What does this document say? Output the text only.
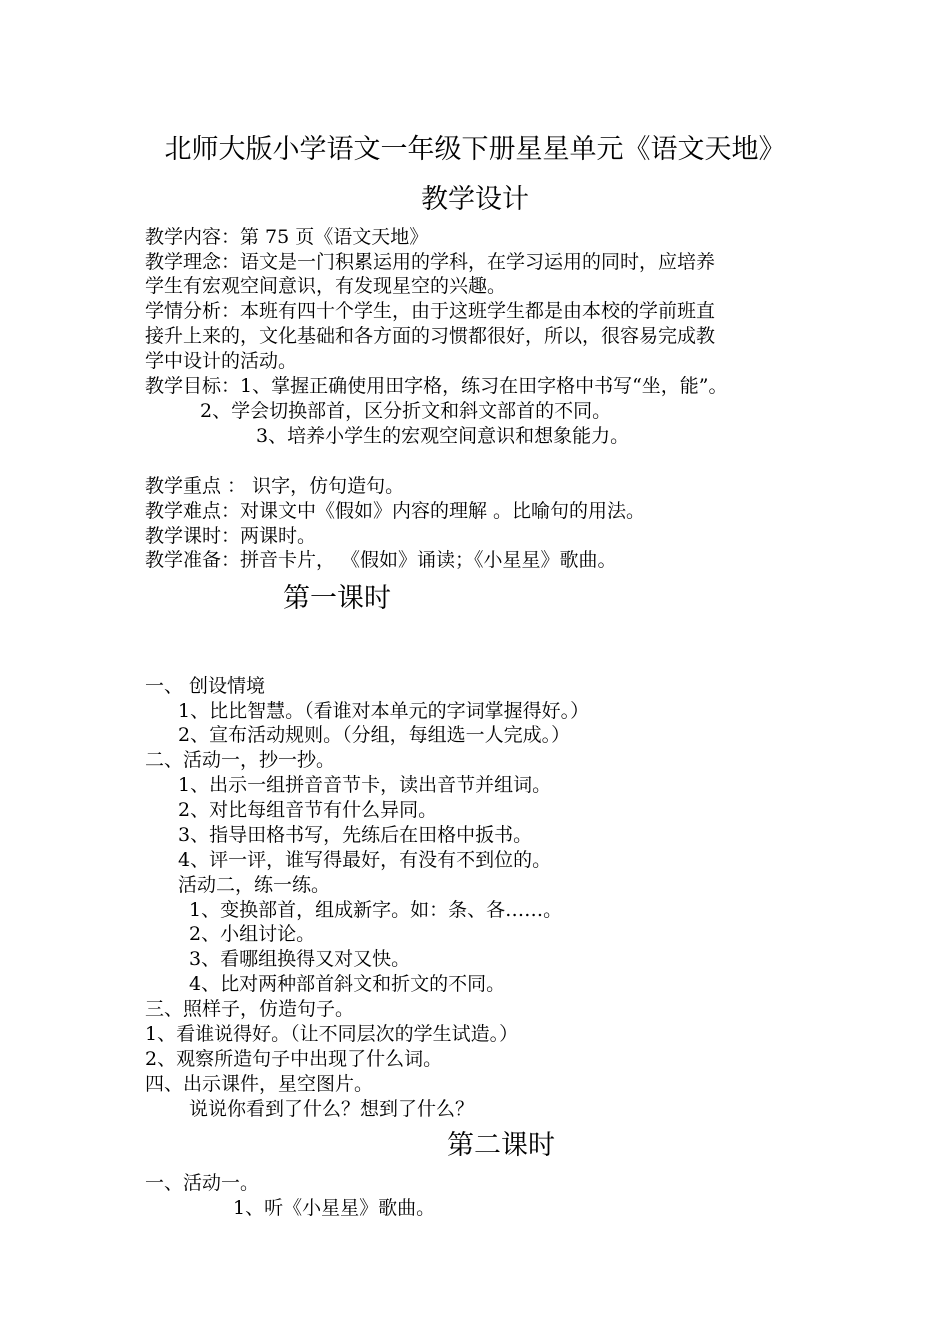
北师大版小学语文一年级下册星星单元《语文天地》
教学设计
教学内容：第 75 页《语文天地》
教学理念：语文是一门积累运用的学科，在学习运用的同时，应培养
学生有宏观空间意识，有发现星空的兴趣。
学情分析：本班有四十个学生，由于这班学生都是由本校的学前班直
接升上来的，文化基础和各方面的习惯都很好，所以，很容易完成教
学中设计的活动。
教学目标：1、掌握正确使用田字格，练习在田字格中书写“坐，能”。
2、学会切换部首，区分折文和斜文部首的不同。
3、培养小学生的宏观空间意识和想象能力。
教学重点 ： 识字，仿句造句。
教学难点：对课文中《假如》内容的理解 。比喻句的用法。
教学课时：两课时。
教学准备：拼音卡片， 《假如》诵读；《小星星》歌曲。
第一课时
一、 创设情境
1、比比智慧。（看谁对本单元的字词掌握得好。）
2、宣布活动规则。（分组，每组选一人完成。）
二、活动一，抄一抄。
1、出示一组拼音音节卡，读出音节并组词。
2、对比每组音节有什么异同。
3、指导田格书写，先练后在田格中扳书。
4、评一评，谁写得最好，有没有不到位的。
活动二，练一练。
1、变换部首，组成新字。如：条、各……。
2、小组讨论。
3、看哪组换得又对又快。
4、比对两种部首斜文和折文的不同。
三、照样子，仿造句子。
1、看谁说得好。（让不同层次的学生试造。）
2、观察所造句子中出现了什么词。
四、出示课件，星空图片。
说说你看到了什么？想到了什么？
第二课时
一、活动一。
1、听《小星星》歌曲。
